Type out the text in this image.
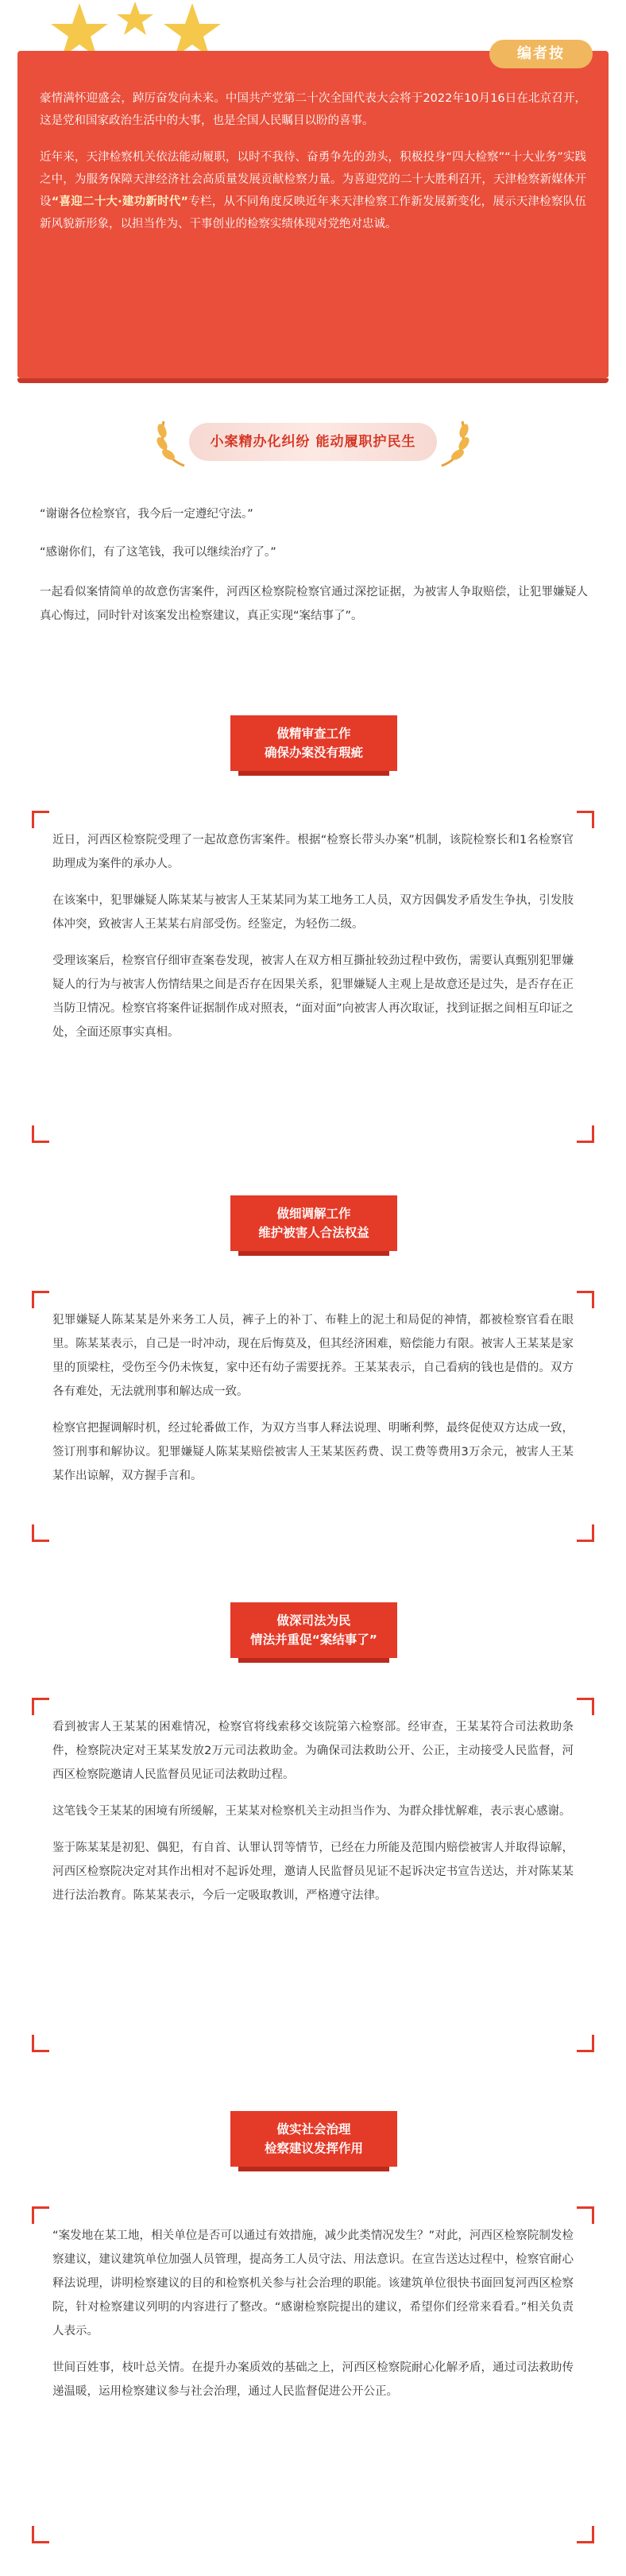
编者按

豪情满怀迎盛会，踔厉奋发向未来。中国共产党第二十次全国代表大会将于2022年10月16日在北京召开，这是党和国家政治生活中的大事，也是全国人民瞩目以盼的喜事。

近年来，天津检察机关依法能动履职，以时不我待、奋勇争先的劲头，积极投身“四大检察”“十大业务”实践之中，为服务保障天津经济社会高质量发展贡献检察力量。为喜迎党的二十大胜利召开，天津检察新媒体开设“喜迎二十大·建功新时代”专栏，从不同角度反映近年来天津检察工作新发展新变化，展示天津检察队伍新风貌新形象，以担当作为、干事创业的检察实绩体现对党绝对忠诚。

小案精办化纠纷 能动履职护民生

“谢谢各位检察官，我今后一定遵纪守法。”

“感谢你们，有了这笔钱，我可以继续治疗了。”

一起看似案情简单的故意伤害案件，河西区检察院检察官通过深挖证据，为被害人争取赔偿，让犯罪嫌疑人真心悔过，同时针对该案发出检察建议，真正实现“案结事了”。

做精审查工作
确保办案没有瑕疵

近日，河西区检察院受理了一起故意伤害案件。根据“检察长带头办案”机制，该院检察长和1名检察官助理成为案件的承办人。

在该案中，犯罪嫌疑人陈某某与被害人王某某同为某工地务工人员，双方因偶发矛盾发生争执，引发肢体冲突，致被害人王某某右肩部受伤。经鉴定，为轻伤二级。

受理该案后，检察官仔细审查案卷发现，被害人在双方相互撕扯较劲过程中致伤，需要认真甄别犯罪嫌疑人的行为与被害人伤情结果之间是否存在因果关系，犯罪嫌疑人主观上是故意还是过失，是否存在正当防卫情况。检察官将案件证据制作成对照表，“面对面”向被害人再次取证，找到证据之间相互印证之处，全面还原事实真相。

做细调解工作
维护被害人合法权益

犯罪嫌疑人陈某某是外来务工人员，裤子上的补丁、布鞋上的泥土和局促的神情，都被检察官看在眼里。陈某某表示，自己是一时冲动，现在后悔莫及，但其经济困难，赔偿能力有限。被害人王某某是家里的顶梁柱，受伤至今仍未恢复，家中还有幼子需要抚养。王某某表示，自己看病的钱也是借的。双方各有难处，无法就刑事和解达成一致。

检察官把握调解时机，经过轮番做工作，为双方当事人释法说理、明晰利弊，最终促使双方达成一致，签订刑事和解协议。犯罪嫌疑人陈某某赔偿被害人王某某医药费、误工费等费用3万余元，被害人王某某作出谅解，双方握手言和。

做深司法为民
情法并重促“案结事了”

看到被害人王某某的困难情况，检察官将线索移交该院第六检察部。经审查，王某某符合司法救助条件，检察院决定对王某某发放2万元司法救助金。为确保司法救助公开、公正，主动接受人民监督，河西区检察院邀请人民监督员见证司法救助过程。

这笔钱令王某某的困境有所缓解，王某某对检察机关主动担当作为、为群众排忧解难，表示衷心感谢。

鉴于陈某某是初犯、偶犯，有自首、认罪认罚等情节，已经在力所能及范围内赔偿被害人并取得谅解，河西区检察院决定对其作出相对不起诉处理，邀请人民监督员见证不起诉决定书宣告送达，并对陈某某进行法治教育。陈某某表示，今后一定吸取教训，严格遵守法律。

做实社会治理
检察建议发挥作用

“案发地在某工地，相关单位是否可以通过有效措施，减少此类情况发生？”对此，河西区检察院制发检察建议，建议建筑单位加强人员管理，提高务工人员守法、用法意识。在宣告送达过程中，检察官耐心释法说理，讲明检察建议的目的和检察机关参与社会治理的职能。该建筑单位很快书面回复河西区检察院，针对检察建议列明的内容进行了整改。“感谢检察院提出的建议，希望你们经常来看看。”相关负责人表示。

世间百姓事，枝叶总关情。在提升办案质效的基础之上，河西区检察院耐心化解矛盾，通过司法救助传递温暖，运用检察建议参与社会治理，通过人民监督促进公开公正。
